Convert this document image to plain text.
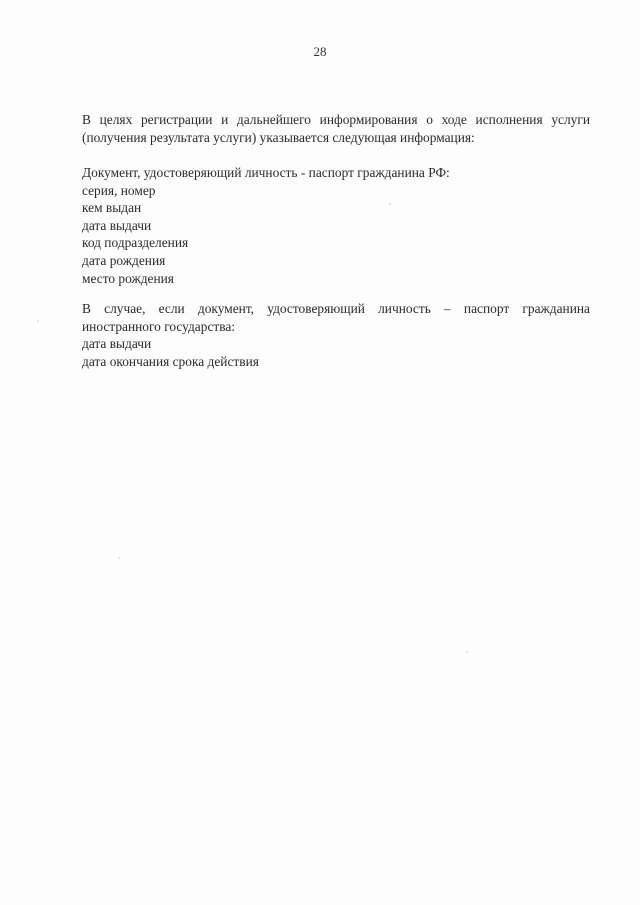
28
В целях регистрации и дальнейшего информирования о ходе исполнения услуги
(получения результата услуги) указывается следующая информация:
Документ, удостоверяющий личность - паспорт гражданина РФ:
серия, номер
кем выдан
дата выдачи
код подразделения
дата рождения
место рождения
В случае, если документ, удостоверяющий личность – паспорт гражданина
иностранного государства:
дата выдачи
дата окончания срока действия
